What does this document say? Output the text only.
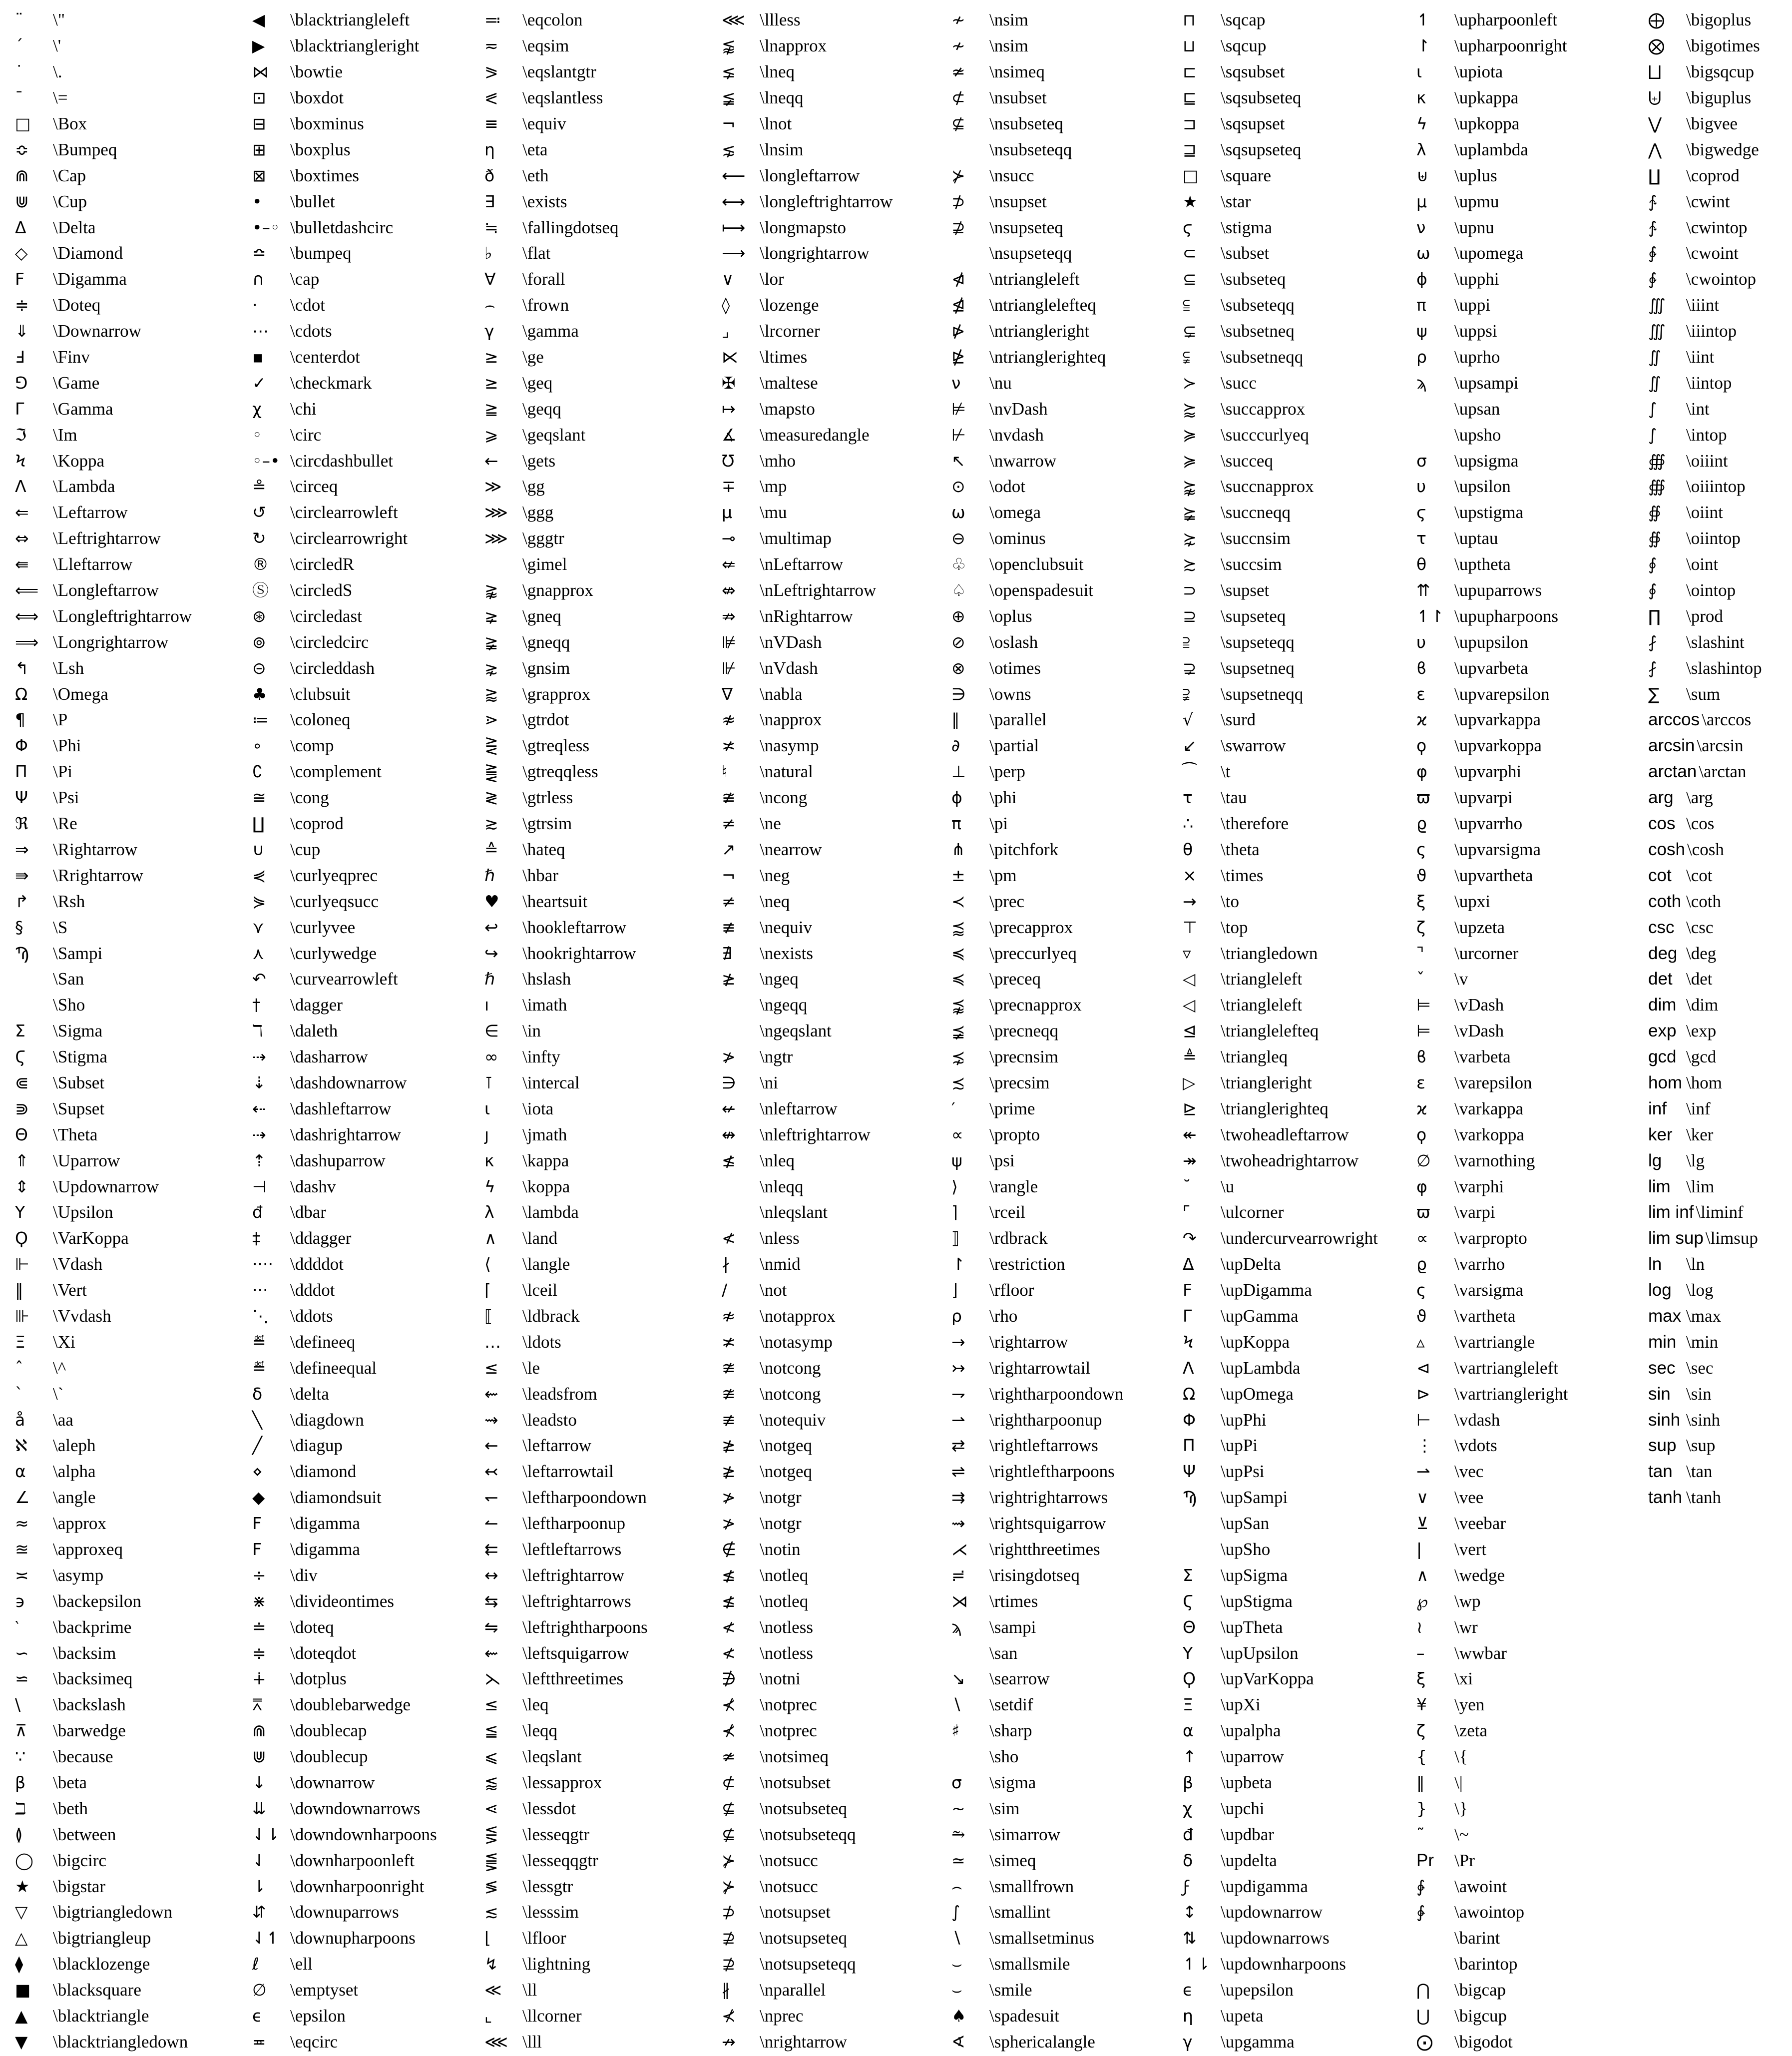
¨	\"
´	\'
˙	\.
¯	\=
□	\Box
≎	\Bumpeq
⋒	\Cap
⋓	\Cup
Δ	\Delta
◇	\Diamond
F	\Digamma
≑	\Doteq
⇓	\Downarrow
Ⅎ	\Finv
⅁	\Game
Γ	\Gamma
ℑ	\Im
Ϟ	\Koppa
Λ	\Lambda
⇐	\Leftarrow
⇔	\Leftrightarrow
⇚	\Lleftarrow
⟸ \Longleftarrow
⟺ \Longleftrightarrow
⟹ \Longrightarrow
↰	\Lsh
Ω	\Omega
¶	\P
Φ	\Phi
Π	\Pi
Ψ	\Psi
ℜ	\Re
⇒	\Rightarrow
⇛	\Rrightarrow
↱	\Rsh
§	\S
Ϡ	\Sampi
\San
\Sho
Σ	\Sigma
Ϛ	\Stigma
⋐	\Subset
⋑	\Supset
Θ	\Theta
⇑	\Uparrow
⇕	\Updownarrow
Υ	\Upsilon
Ϙ	\VarKoppa
⊩	\Vdash
‖	\Vert
⊪	\Vvdash
Ξ	\Xi
ˆ	\^
`	\`
å	\aa
ℵ	\aleph
α	\alpha
∠	\angle
≈	\approx
≊	\approxeq
≍	\asymp
϶	\backepsilon
‵	\backprime
∽	\backsim
⋍	\backsimeq
\	\backslash
⊼	\barwedge
∵	\because
β	\beta
ℶ	\beth
≬	\between
◯	\bigcirc
★	\bigstar
▽	\bigtriangledown
△	\bigtriangleup
⧫	\blacklozenge
■	\blacksquare
▲	\blacktriangle
▼	\blacktriangledown
◀	\blacktriangleleft
▶	\blacktriangleright
⋈	\bowtie
⊡	\boxdot
⊟	\boxminus
⊞	\boxplus
⊠	\boxtimes
•	\bullet
•–◦ \bulletdashcirc
≏	\bumpeq
∩	\cap
·	\cdot
⋯	\cdots
▪	\centerdot
✓	\checkmark
χ	\chi
◦	\circ
◦–• \circdashbullet
≗	\circeq
↺	\circlearrowleft
↻	\circlearrowright
®	\circledR
Ⓢ	\circledS
⊛	\circledast
⊚	\circledcirc
⊝	\circleddash
♣	\clubsuit
≔	\coloneq
∘	\comp
∁	\complement
≅	\cong
∐	\coprod
∪	\cup
⋞	\curlyeqprec
⋟	\curlyeqsucc
⋎	\curlyvee
⋏	\curlywedge
↶	\curvearrowleft
†	\dagger
ℸ	\daleth
⇢	\dasharrow
⇣	\dashdownarrow
⇠	\dashleftarrow
⇢	\dashrightarrow
⇡	\dashuparrow
⊣	\dashv
đ	\dbar
‡	\ddagger
···· \ddddot
···	\dddot
⋱	\ddots
≝	\defineeq
≝	\defineequal
δ	\delta
╲	\diagdown
╱	\diagup
⋄	\diamond
◆	\diamondsuit
F	\digamma
F	\digamma
÷	\div
⋇	\divideontimes
≐	\doteq
≑	\doteqdot
∔	\dotplus
⩞	\doublebarwedge
⋒	\doublecap
⋓	\doublecup
↓	\downarrow
⇊	\downdownarrows
⇃⇂ \downdownharpoons
⇃	\downharpoonleft
⇂	\downharpoonright
⇵	\downuparrows
⇃↿ \downupharpoons
ℓ	\ell
∅	\emptyset
ϵ	\epsilon
≖	\eqcirc
≕	\eqcolon
≂	\eqsim
⪖	\eqslantgtr
⪕	\eqslantless
≡	\equiv
η	\eta
ð	\eth
∃	\exists
≒	\fallingdotseq
♭	\flat
∀	\forall
⌢	\frown
γ	\gamma
≥	\ge
≥	\geq
≧	\geqq
⩾	\geqslant
←	\gets
≫	\gg
⋙ \ggg
⋙ \gggtr
\gimel
⪊	\gnapprox
⪈	\gneq
≩	\gneqq
⋧	\gnsim
⪆	\grapprox
⋗	\gtrdot
⋛	\gtreqless
⪌	\gtreqqless
≷	\gtrless
≳	\gtrsim
≙	\hateq
ℏ	\hbar
♥	\heartsuit
↩	\hookleftarrow
↪	\hookrightarrow
ℏ	\hslash
ı	\imath
∈	\in
∞	\infty
⊺	\intercal
ι	\iota
ȷ	\jmath
κ	\kappa
ϟ	\koppa
λ	\lambda
∧	\land
⟨	\langle
⌈	\lceil
⟦	\ldbrack
…	\ldots
≤	\le
⇜	\leadsfrom
⇝	\leadsto
←	\leftarrow
↢	\leftarrowtail
↽	\leftharpoondown
↼	\leftharpoonup
⇇	\leftleftarrows
↔	\leftrightarrow
⇆	\leftrightarrows
⇋	\leftrightharpoons
⇜	\leftsquigarrow
⋋	\leftthreetimes
≤	\leq
≦	\leqq
⩽	\leqslant
⪅	\lessapprox
⋖	\lessdot
⋚	\lesseqgtr
⪋	\lesseqqgtr
≶	\lessgtr
≲	\lesssim
⌊	\lfloor
↯	\lightning
≪	\ll
⌞	\llcorner
⋘ \lll
⋘ \llless
⪉	\lnapprox
⪇	\lneq
≨	\lneqq
¬	\lnot
⋦	\lnsim
⟵ \longleftarrow
⟷ \longleftrightarrow
⟼ \longmapsto
⟶ \longrightarrow
∨	\lor
◊	\lozenge
⌟	\lrcorner
⋉	\ltimes
✠	\maltese
↦	\mapsto
∡	\measuredangle
℧	\mho
∓	\mp
μ	\mu
⊸	\multimap
⇍	\nLeftarrow
⇎	\nLeftrightarrow
⇏	\nRightarrow
⊯	\nVDash
⊮	\nVdash
∇	\nabla
≉	\napprox
≭	\nasymp
♮	\natural
≇	\ncong
≠	\ne
↗	\nearrow
¬	\neg
≠	\neq
≢	\nequiv
∄	\nexists
≱	\ngeq
\ngeqq
\ngeqslant
≯	\ngtr
∋	\ni
↚	\nleftarrow
↮	\nleftrightarrow
≰	\nleq
\nleqq
\nleqslant
≮	\nless
∤	\nmid
/	\not
≉	\notapprox
≭	\notasymp
≇	\notcong
≇	\notcong
≢	\notequiv
≱	\notgeq
≱	\notgeq
≯	\notgr
≯	\notgr
∉	\notin
≰	\notleq
≰	\notleq
≮	\notless
≮	\notless
∌	\notni
⊀	\notprec
⊀	\notprec
≄	\notsimeq
⊄	\notsubset
⊈	\notsubseteq
⊈	\notsubseteqq
⊁	\notsucc
⊁	\notsucc
⊅	\notsupset
⊉	\notsupseteq
⊉	\notsupseteqq
∦	\nparallel
⊀	\nprec
↛	\nrightarrow
≁	\nsim
≁	\nsim
≄	\nsimeq
⊄	\nsubset
⊈	\nsubseteq
\nsubseteqq
⊁	\nsucc
⊅	\nsupset
⊉	\nsupseteq
\nsupseteqq
⋪	\ntriangleleft
⋬	\ntrianglelefteq
⋫	\ntriangleright
⋭	\ntrianglerighteq
ν	\nu
⊭	\nvDash
⊬	\nvdash
↖	\nwarrow
⊙	\odot
ω	\omega
⊖	\ominus
♧	\openclubsuit
♤	\openspadesuit
⊕	\oplus
⊘	\oslash
⊗	\otimes
∋	\owns
∥	\parallel
∂	\partial
⊥	\perp
ϕ	\phi
π	\pi
⋔	\pitchfork
±	\pm
≺	\prec
⪷	\precapprox
≼	\preccurlyeq
≼	\preceq
⪹	\precnapprox
⪵	\precneqq
⋨	\precnsim
≾	\precsim
′	\prime
∝	\propto
ψ	\psi
⟩	\rangle
⌉	\rceil
⟧	\rdbrack
↾	\restriction
⌋	\rfloor
ρ	\rho
→	\rightarrow
↣	\rightarrowtail
⇁	\rightharpoondown
⇀	\rightharpoonup
⇄	\rightleftarrows
⇌	\rightleftharpoons
⇉	\rightrightarrows
⇝	\rightsquigarrow
⋌	\rightthreetimes
≓	\risingdotseq
⋊	\rtimes
ϡ	\sampi
\san
↘	\searrow
∖	\setdif
♯	\sharp
\sho
σ	\sigma
∼	\sim
⥲	\simarrow
≃	\simeq
⌢	\smallfrown
∫	\smallint
∖	\smallsetminus
⌣	\smallsmile
⌣	\smile
♠	\spadesuit
∢	\sphericalangle
⊓	\sqcap
⊔	\sqcup
⊏	\sqsubset
⊑	\sqsubseteq
⊐	\sqsupset
⊒	\sqsupseteq
□	\square
★	\star
ϛ	\stigma
⊂	\subset
⊆	\subseteq
⫅	\subseteqq
⊊	\subsetneq
⫋	\subsetneqq
≻	\succ
⪸	\succapprox
≽	\succcurlyeq
≽	\succeq
⪺	\succnapprox
⪶	\succneqq
⋩	\succnsim
≿	\succsim
⊃	\supset
⊇	\supseteq
⫆	\supseteqq
⊋	\supsetneq
⫌	\supsetneqq
√	\surd
↙	\swarrow
⁀	\t
τ	\tau
∴	\therefore
θ	\theta
×	\times
→	\to
⊤	\top
▿	\triangledown
◁	\triangleleft
◁	\triangleleft
⊴	\trianglelefteq
≜	\triangleq
▷	\triangleright
⊵	\trianglerighteq
↞	\twoheadleftarrow
↠	\twoheadrightarrow
˘	\u
⌜	\ulcorner
↷	\undercurvearrowright
Δ	\upDelta
F	\upDigamma
Γ	\upGamma
Ϟ	\upKoppa
Λ	\upLambda
Ω	\upOmega
Φ	\upPhi
Π	\upPi
Ψ	\upPsi
Ϡ	\upSampi
\upSan
\upSho
Σ	\upSigma
Ϛ	\upStigma
Θ	\upTheta
Υ	\upUpsilon
Ϙ	\upVarKoppa
Ξ	\upXi
α	\upalpha
↑	\uparrow
β	\upbeta
χ	\upchi
đ	\updbar
δ	\updelta
ϝ	\updigamma
↕	\updownarrow
⇅	\updownarrows
↿⇂ \updownharpoons
ϵ	\upepsilon
η	\upeta
γ	\upgamma
↿	\upharpoonleft
↾	\upharpoonright
ι	\upiota
κ	\upkappa
ϟ	\upkoppa
λ	\uplambda
⊎	\uplus
μ	\upmu
ν	\upnu
ω	\upomega
ϕ	\upphi
π	\uppi
ψ	\uppsi
ρ	\uprho
ϡ	\upsampi
\upsan
\upsho
σ	\upsigma
υ	\upsilon
ϛ	\upstigma
τ	\uptau
θ	\uptheta
⇈	\upuparrows
↿↾ \upupharpoons
υ	\upupsilon
ϐ	\upvarbeta
ε	\upvarepsilon
ϰ	\upvarkappa
ϙ	\upvarkoppa
φ	\upvarphi
ϖ	\upvarpi
ϱ	\upvarrho
ς	\upvarsigma
ϑ	\upvartheta
ξ	\upxi
ζ	\upzeta
⌝	\urcorner
ˇ	\v
⊨	\vDash
⊨	\vDash
ϐ	\varbeta
ε	\varepsilon
ϰ	\varkappa
ϙ	\varkoppa
∅	\varnothing
φ	\varphi
ϖ	\varpi
∝	\varpropto
ϱ	\varrho
ς	\varsigma
ϑ	\vartheta
▵	\vartriangle
⊲	\vartriangleleft
⊳	\vartriangleright
⊢	\vdash
⋮	\vdots
⇀	\vec
∨	\vee
⊻	\veebar
|	\vert
∧	\wedge
℘	\wp
≀	\wr
–	\wwbar
ξ	\xi
¥	\yen
ζ	\zeta
{	\{
‖	\|
}	\}
˜	\~
Pr	\Pr
∳	\awoint
∳	\awointop
\barint
\barintop
⋂	\bigcap
⋃	\bigcup
⨀	\bigodot
⨁	\bigoplus
⨂	\bigotimes
⨆	\bigsqcup
⨄	\biguplus
⋁	\bigvee
⋀	\bigwedge
∐	\coprod
∱	\cwint
∱	\cwintop
∲	\cwoint
∲	\cwointop
∭	\iiint
∭	\iiintop
∬	\iint
∬	\iintop
∫	\int
∫	\intop
∰	\oiiint
∰	\oiiintop
∯	\oiint
∯	\oiintop
∮	\oint
∮	\ointop
∏	\prod
⨏	\slashint
⨏	\slashintop
∑	\sum
arccos \arccos
arcsin \arcsin
arctan \arctan
arg \arg
cos \cos
cosh \cosh
cot \cot
coth \coth
csc \csc
deg \deg
det \det
dim \dim
exp \exp
gcd \gcd
hom \hom
inf	\inf
ker \ker
lg	\lg
lim \lim
lim inf \liminf
lim sup \limsup
ln	\ln
log \log
max \max
min \min
sec \sec
sin \sin
sinh \sinh
sup \sup
tan \tan
tanh \tanh
